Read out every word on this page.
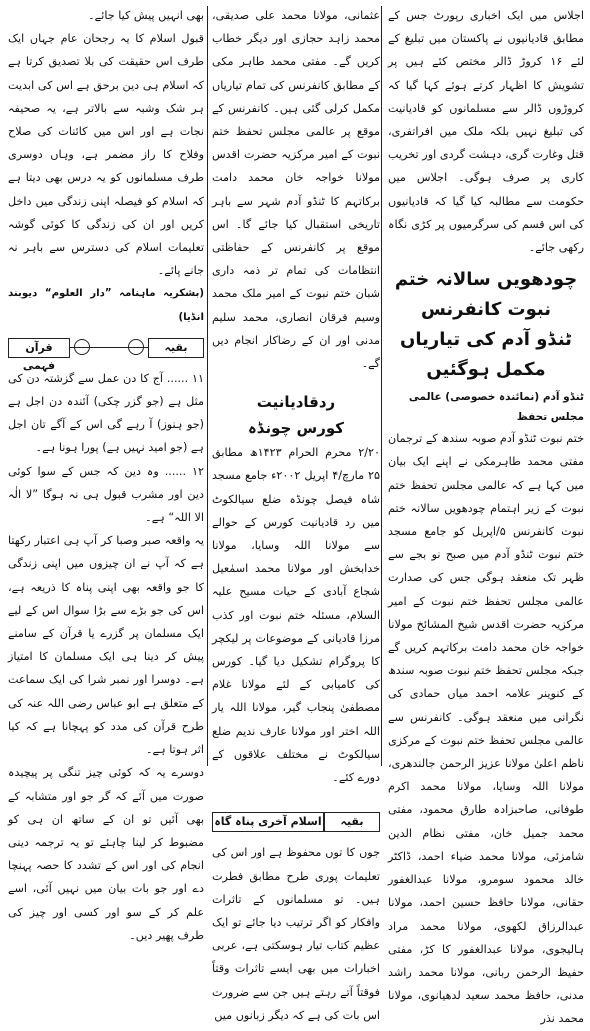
اجلاس میں ایک اخباری رپورٹ جس کے مطابق قادیانیوں نے پاکستان میں تبلیغ کے لئے ۱۶ کروڑ ڈالر مختص کئے ہیں پر تشویش کا اظہار کرتے ہوئے کہا گیا کہ کروڑوں ڈالر سے مسلمانوں کو قادیانیت کی تبلیغ نہیں بلکہ ملک میں افراتفری، قتل وغارت گری، دہشت گردی اور تخریب کاری پر صرف ہوگی۔ اجلاس میں حکومت سے مطالبہ کیا گیا کہ قادیانیوں کی اس قسم کی سرگرمیوں پر کڑی نگاہ رکھی جائے۔

چودھویں سالانہ ختم نبوت کانفرنس
ٹنڈو آدم کی تیاریاں مکمل ہوگئیں
ٹنڈو آدم (نمائندہ خصوصی) عالمی مجلس تحفظ

ختم نبوت ٹنڈو آدم صوبہ سندھ کے ترجمان مفتی محمد طاہرمکی نے اپنے ایک بیان میں کہا ہے کہ عالمی مجلس تحفظ ختم نبوت کے زیر اہتمام چودھویں سالانہ ختم نبوت کانفرنس ۵/اپریل کو جامع مسجد ختم نبوت ٹنڈو آدم میں صبح نو بجے سے ظہر تک منعقد ہوگی جس کی صدارت عالمی مجلس تحفظ ختم نبوت کے امیر مرکزیہ حضرت اقدس شیخ المشائخ مولانا خواجہ خان محمد دامت برکاتہم کریں گے جبکہ مجلس تحفظ ختم نبوت صوبہ سندھ کے کنوینر علامہ احمد میاں حمادی کی نگرانی میں منعقد ہوگی۔ کانفرنس سے عالمی مجلس تحفظ ختم نبوت کے مرکزی ناظم اعلیٰ مولانا عزیز الرحمن جالندھری، مولانا اللہ وسایا، مولانا محمد اکرم طوفانی، صاحبزادہ طارق محمود، مفتی محمد جمیل خان، مفتی نظام الدین شامزئی، مولانا محمد ضیاء احمد، ڈاکٹر خالد محمود سومرو، مولانا عبدالغفور حقانی، مولانا حافظ حسین احمد، مولانا عبدالرزاق لکھوی، مولانا محمد مراد ہالیجوی، مولانا عبدالغفور کا کڑ، مفتی حفیظ الرحمن ربانی، مولانا محمد راشد مدنی، حافظ محمد سعید لدھیانوی، مولانا محمد نذر

عثمانی، مولانا محمد علی صدیقی، محمد زاہد حجازی اور دیگر خطاب کریں گے۔ مفتی محمد طاہر مکی کے مطابق کانفرنس کی تمام تیاریاں مکمل کرلی گئی ہیں۔ کانفرنس کے موقع پر عالمی مجلس تحفظ ختم نبوت کے امیر مرکزیہ حضرت اقدس مولانا خواجہ خان محمد دامت برکاتہم کا ٹنڈو آدم شہر سے باہر تاریخی استقبال کیا جائے گا۔ اس موقع پر کانفرنس کے حفاظتی انتظامات کی تمام تر ذمہ داری شبان ختم نبوت کے امیر ملک محمد وسیم فرقان انصاری، محمد سلیم مدنی اور ان کے رضاکار انجام دیں گے۔

ردقادیانیت
کورس چونڈہ

۲/۲۰ محرم الحرام ۱۴۲۳ھ مطابق ۲۵ مارچ/۴ اپریل ۲۰۰۲ء جامع مسجد شاہ فیصل چونڈہ ضلع سیالکوٹ میں رد قادیانیت کورس کے حوالے سے مولانا اللہ وسایا، مولانا خدابخش اور مولانا محمد اسمٰعیل شجاع آبادی کے حیات مسیح علیہ السلام، مسئلہ ختم نبوت اور کذب مرزا قادیانی کے موضوعات پر لیکچر کا پروگرام تشکیل دیا گیا۔ کورس کی کامیابی کے لئے مولانا غلام مصطفیٰ پنجاب گیر، مولانا اللہ یار اللہ اختر اور مولانا عارف ندیم ضلع سیالکوٹ نے مختلف علاقوں کے دورے کئے۔

بقیہ
اسلام آخری پناہ گاہ

جوں کا توں محفوظ ہے اور اس کی تعلیمات پوری طرح مطابق فطرت ہیں۔ تو مسلمانوں کے تاثرات وافکار کو اگر ترتیب دیا جائے تو ایک عظیم کتاب تیار ہوسکتی ہے، عربی اخبارات میں بھی ایسے تاثرات وقتاً فوقتاً آتے رہتے ہیں جن سے ضرورت اس بات کی ہے کہ دیگر زبانوں میں

بھی انہیں پیش کیا جائے۔

قبول اسلام کا یہ رجحان عام جہاں ایک طرف اس حقیقت کی بلا تصدیق کرتا ہے کہ اسلام ہی دین برحق ہے اس کی ابدیت ہر شک وشبہ سے بالاتر ہے، یہ صحیفہ نجات ہے اور اس میں کائنات کی صلاح وفلاح کا راز مضمر ہے، وہاں دوسری طرف مسلمانوں کو یہ درس بھی دیتا ہے کہ اسلام کو فیصلہ اپنی زندگی میں داخل کریں اور ان کی زندگی کا کوئی گوشہ تعلیمات اسلام کی دسترس سے باہر نہ جانے پائے۔

(بشکریہ ماہنامہ ”دار العلوم“ دیوبند انڈیا)

بقیہ
قرآن فہمی

۱۱ ...... آج کا دن عمل سے گزشتہ دن کی مثل ہے (جو گزر چکی) آئندہ دن اجل ہے (جو ہنوز) آ رہے گی اس کے آگے تان اجل ہے (جو امید نہیں ہے) پورا ہونا ہے۔

۱۲ ...... وہ دین کہ جس کے سوا کوئی دین اور مشرب قبول ہی نہ ہوگا ”لا الٰہ الا اللہ“ ہے۔

یہ واقعہ صبر وصبا کر آپ ہی اعتبار رکھتا ہے کہ آپ نے ان چیزوں میں اپنی زندگی کا جو واقعہ بھی اپنی پناہ کا ذریعہ ہے، اس کی جو بڑے سے بڑا سوال اس کے لیے ایک مسلمان پر گزرے یا قرآن کے سامنے پیش کر دینا ہی ایک مسلمان کا امتیاز ہے۔ دوسرا اور نمبر شرا کی ایک سماعت کے متعلق ہے ابو عباس رضی اللہ عنہ کی طرح قرآن کی مدد کو پہچانا ہے کہ کیا اثر ہوتا ہے۔

دوسرے یہ کہ کوئی چیز تنگی پر پیچیدہ صورت میں آئے کہ گر جو اور متشابہ کے بھی آئیں تو ان کے ساتھ ان ہی کو مضبوط کر لینا چاہئے تو یہ ترجمہ دینی انجام کی اور اس کے تشدد کا حصہ پہنچا دے اور جو بات بیان میں نہیں آئی، اسے علم کر کے سو اور کسی اور چیز کی طرف پھیر دیں۔
